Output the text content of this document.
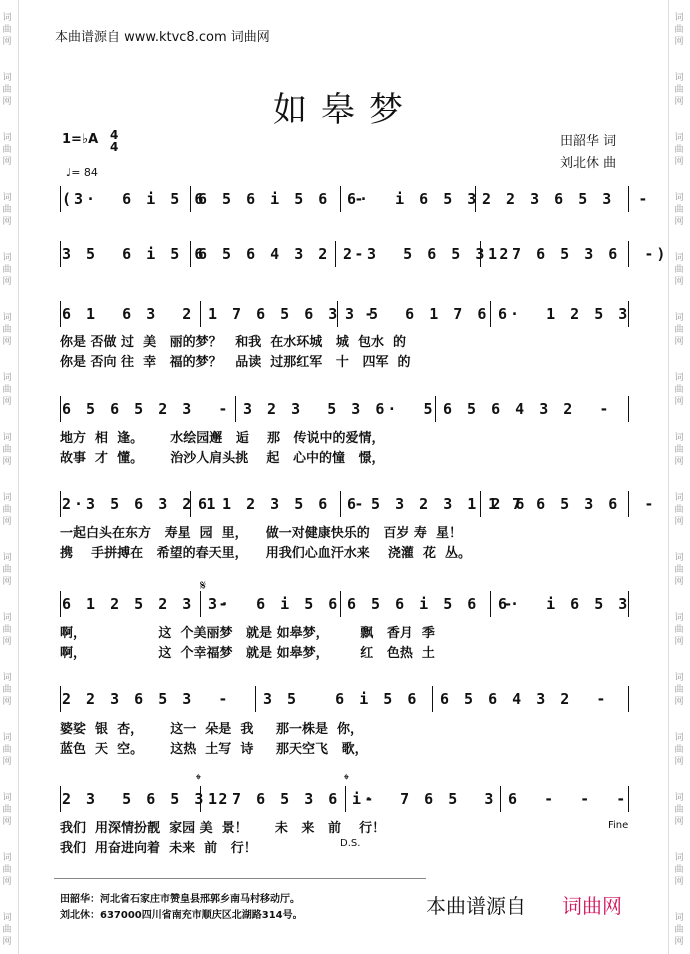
词曲网
词曲网
词曲网
词曲网
词曲网
词曲网
词曲网
词曲网
词曲网
词曲网
词曲网
词曲网
词曲网
词曲网
词曲网
词曲网
词曲网
词曲网
词曲网
词曲网
词曲网
词曲网
词曲网
词曲网
词曲网
词曲网
词曲网
词曲网
词曲网
词曲网
词曲网
词曲网
本曲谱源自 www.ktvc8.com 词曲网
如皋梦
1=♭A 4
4
♩= 84
田韶华 词
刘北休 曲
(3·  6 i 5 6
6 5 6 i 5 6  -
6·  i 6 5 3 2 2 3 6 5 3  -
3 5  6 i 5 6
6 5 6 4 3 2  -
2 3  5 6 5 3 2
1 7 6 5 3 6  -)
6 1  6 3  2 1 7 6 5 6 3  -
3 5  6 1 7 6 6·  1 2 5 3
你是 否做 过  美   丽的梦？   和我  在水环城   城  包水  的
你是 否向 往  幸   福的梦？   品读  过那红军   十   四军  的
6 5 6 5 2 3  - 3 2 3  5 3 6·  5 6 5 6 4 3 2  -
地方  相  逢。      水绘园邂   逅    那   传说中的爱情，
故事  才  懂。      治沙人肩头挑    起   心中的憧   憬，
2·3 5 6 3 2 1
6 1 2 3 5 6  -
6 5 3 2 3 1 2 6
1 7 6 5 3 6  -
一起白头在东方   寿星  园  里，    做一对健康快乐的   百岁 寿  星！
携    手拼搏在   希望的春天里，    用我们心血汗水来    浇灌  花  丛。
6 1 2 5 2 3  -
3·  6 i 5 6 6 5 6 i 5 6  -
6·  i 6 5 3
啊，                这  个美丽梦   就是 如皋梦，       飘   香月  季
啊，                这  个幸福梦   就是 如皋梦，       红   色热  土
2 2 3 6 5 3  - 3 5   6 i 5 6 6 5 6 4 3 2  -
婆娑  银  杏，      这一  朵是  我     那一株是  你，
蓝色  天  空。      这热  土写  诗     那天空飞   歌，
2 3  5 6 5 3 2
1 7 6 5 3 6  -
i·  7 6 5  3 6  -  -  -
我们  用深情扮靓  家园 美  景！      未   来   前    行！
我们  用奋进向着  未来  前   行！
𝄋
𝄌	𝄌
Fine
D.S.
田韶华：河北省石家庄市赞皇县邢郭乡南马村移动厅。
刘北休：637000四川省南充市顺庆区北湖路314号。	本曲谱源自 词曲网
